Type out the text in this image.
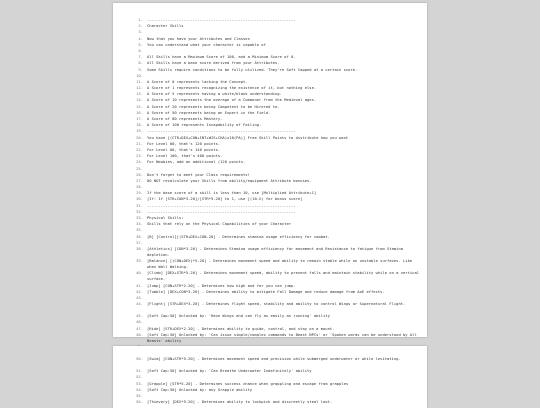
1. -----------------------------------------------------------------
2. Character Skills
3.
4. Now that you have your Attributes and Classes
5. You can understand what your character is capable of
6.
7. All Skills have a Maximum Score of 100, and a Minimum Score of 0.
8. All Skills have a base score derived from your Attributes.
9. Some Skills require conditions to be fully utilized. They're Soft Capped at a certain score.
10.
11. A Score of 0 represents lacking the Concept.
12. A Score of 1 represents recognizing the existence of it, but nothing else.
13. A Score of 5 represents having a white/blank understanding.
14. A Score of 10 represents the average of a Commoner from the Medieval ages.
15. A Score of 20 represents being Competent to be Hirered to.
16. A Score of 50 represents being an Expert in the Field.
17. A Score of 80 represents Mastery.
18. A Score of 100 represents Incapability of Failing.
19. -----------------------------------------------------------------
20. You have [(CTR+DEX+CON+INT+WIS+CHA)x10(PA)] Free Skill Points to distribute how you want
21. For Level 00, that's 120 points.
22. For Level 00, that's 140 points.
23. For Level 100, that's 400 points.
24. For Newbies, add an additional (120 points.
25.
26. Don't forget to meet your Class requirements!
27. DO NOT recalculate your Skills from ability/equipment Attribute bonuses.
28.
29. If the base score of a skill is less than 10, use [Multiplied Attribute+1]
30. [If: If [STR+CON*3-20]/[STR*5-20] to 1, use [(10-X) for bonus score]
31. -----------------------------------------------------------------
32. -----------------------------------------------------------------
33. Physical Skills:
34. Skills that rely on the Physical Capabilities of your Character
35.
36. [B] [Control][(STR+DEX+CON-20] - Determines stamina usage efficiency for combat.
37.
38. [Athletics] [CON*3-20] - Determines Stamina usage efficiency for movement and Resistance to fatigue from Stamina depletion.
39. [Balance] [(CON+DEX)*5-20] - Determines movement speed and ability to remain stable while on unstable surfaces. Like when Wall Walking.
40. [Climb] [DEX+STR*5-20] - Determines movement speed, ability to prevent falls and maintain stability while on a vertical surface.
41. [Jump] [CON+STR*2-20] - Determines how high and far you can jump.
42. [Tumble] [DEX+CON*3-20] - Determines ability to mitigate Fall Damage and reduce damage from AoE effects.
43.
44. [Flight] [STR+DEX*3-20] - Determines flight speed, stability and ability to control Wings or Supernatural Flight.
45. [Soft Cap:50] Unlocked by: 'Have Wings and can fly as easily as running' ability
46.
47. [Ride] [STR+DEX*2-20] - Determines ability to guide, control, and stay on a mount.
48. [Soft Cap:50] Unlocked by: 'Can issue simple/complex commands to Beast NPCs' or 'Spoken words can be understood by All Beasts' ability
50. [Swim] [CON+STR*5-20] - Determines movement speed and precision while submerged underwater or while levitating.
51. [Soft Cap:50] Unlocked by: 'Can Breathe Underwater Indefinitely' ability
52.
53. [Grapple] [STR*5-20] - Determines success chance when grappling and escape from grapples
54. [Soft Cap:50] Unlocked by: any Grapple ability
55.
56. [Thievery] [DEX*5-20] - Determines ability to lockpick and discreetly steal loot.
